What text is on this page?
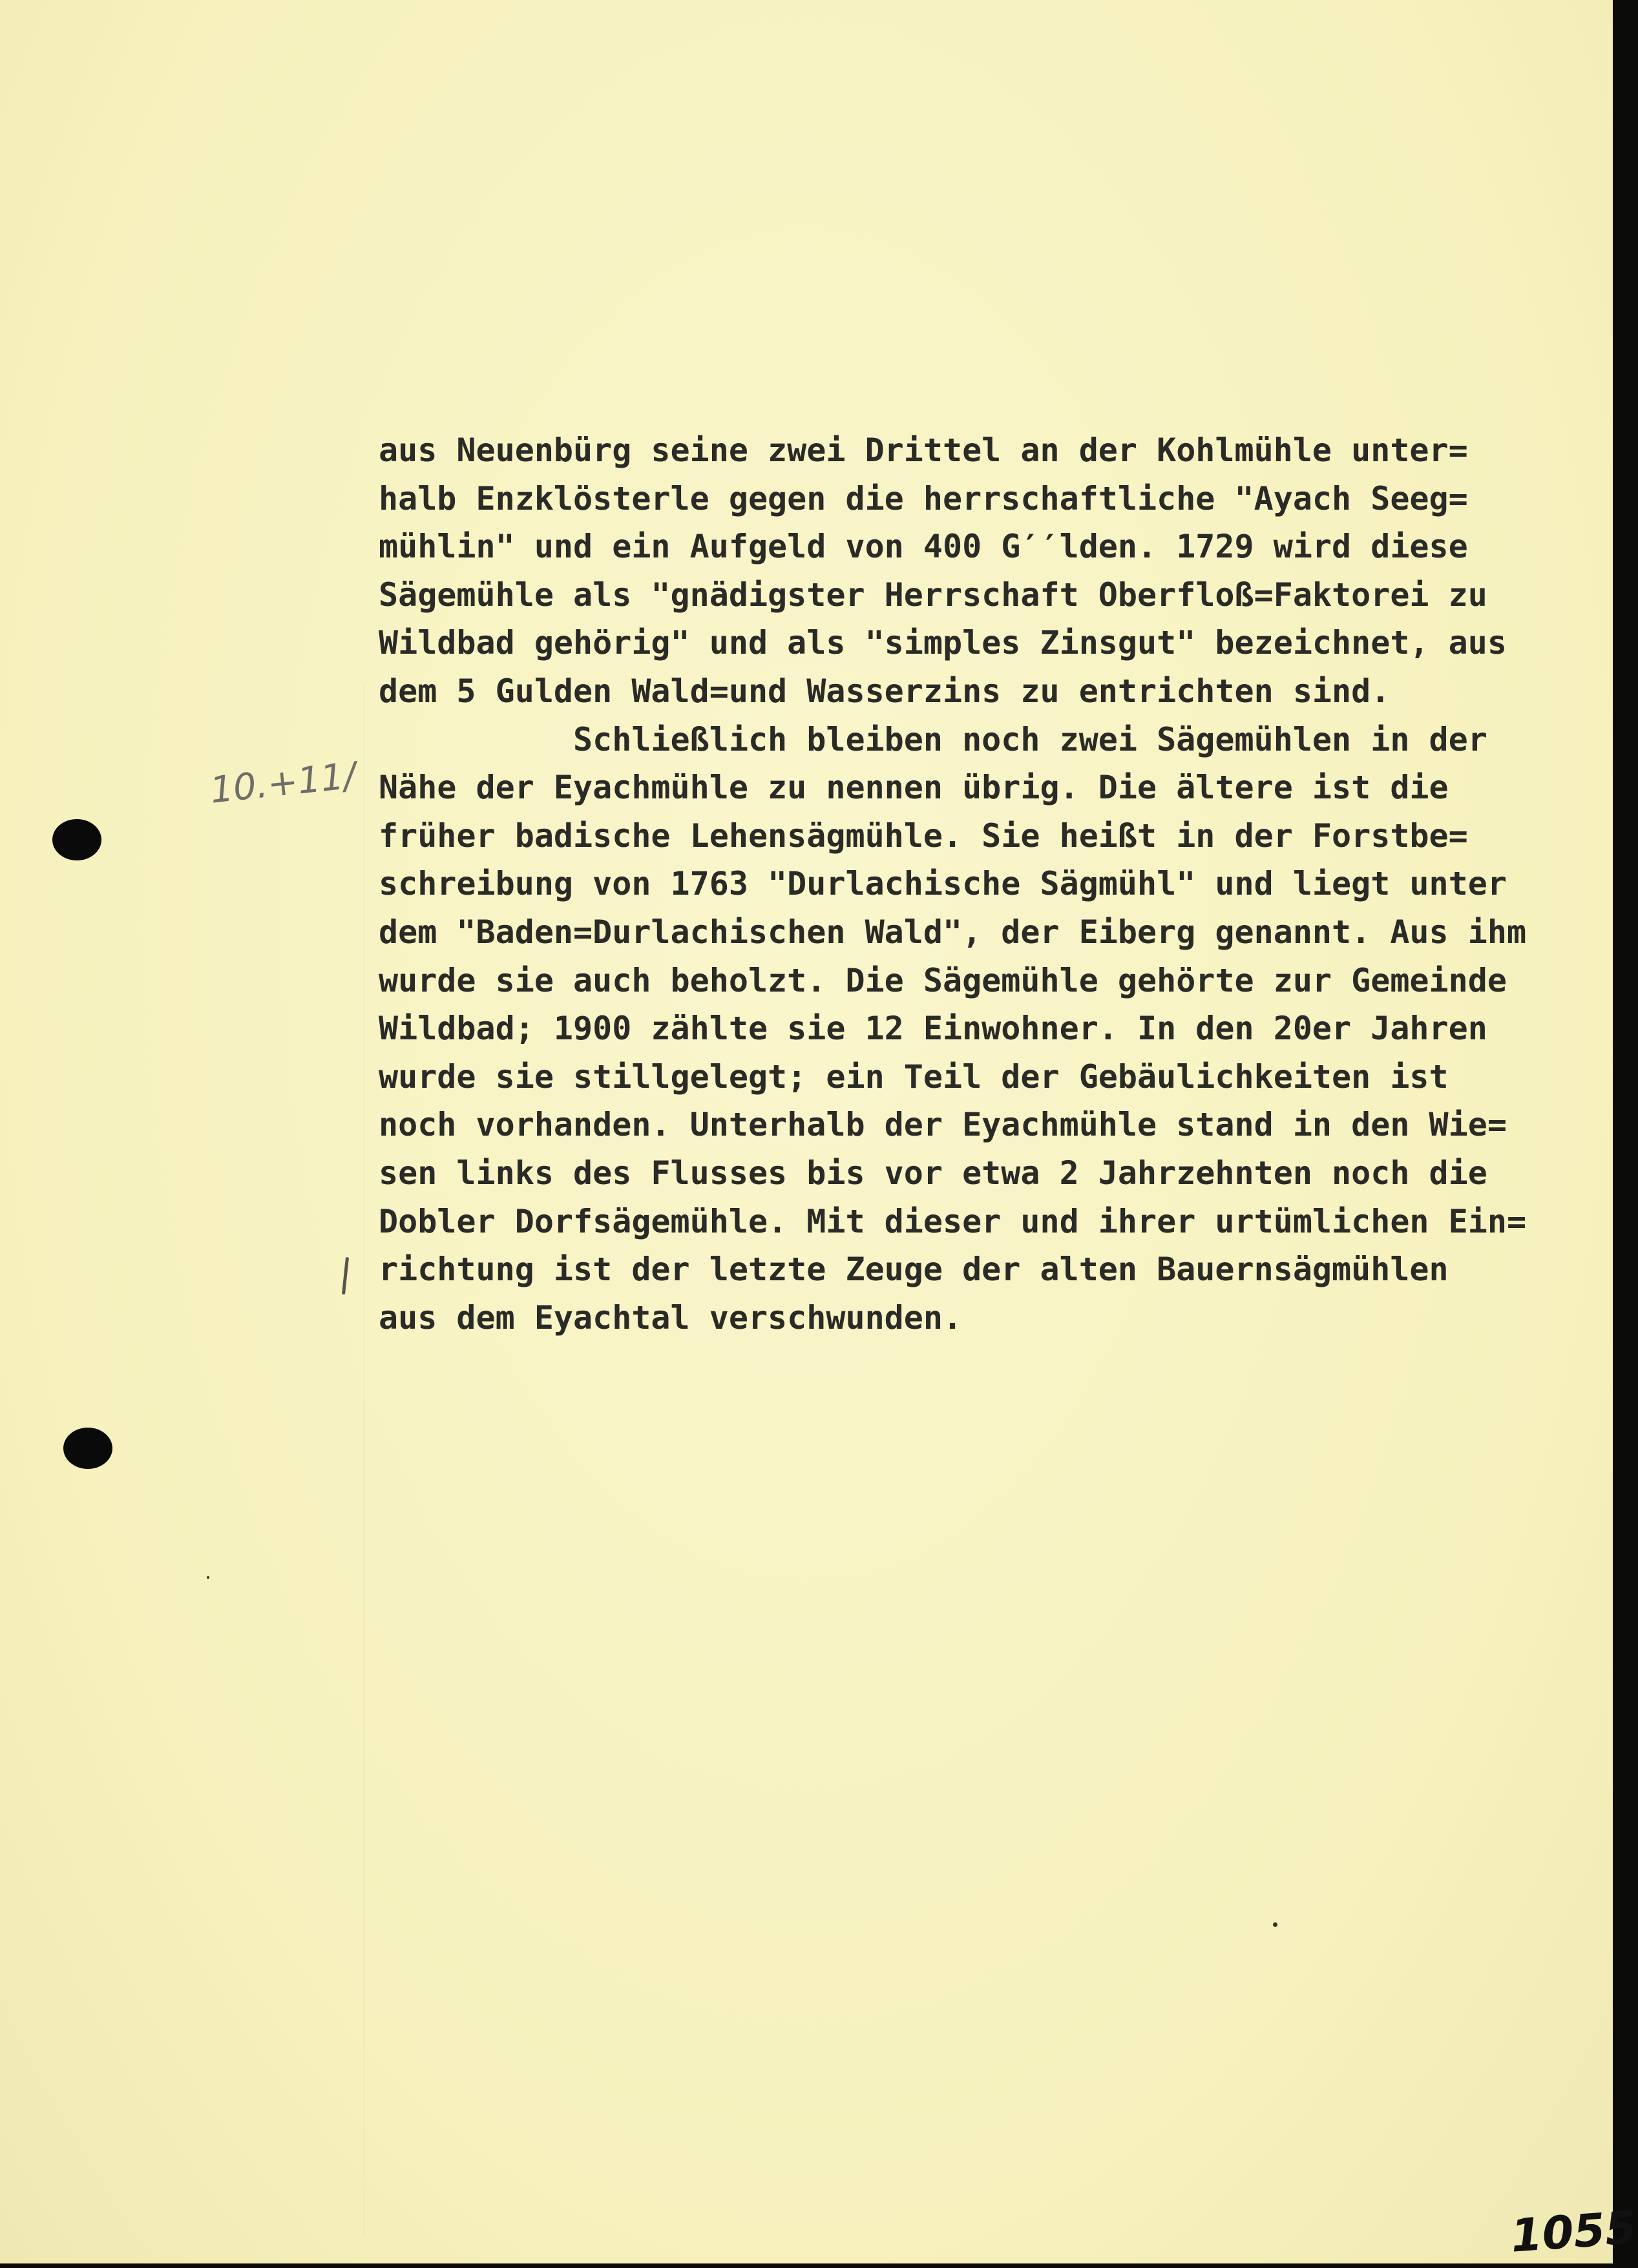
10.+11/
aus Neuenbürg seine zwei Drittel an der Kohlmühle unter=
halb Enzklösterle gegen die herrschaftliche "Ayach Seeg=
mühlin" und ein Aufgeld von 400 G′′lden. 1729 wird diese
Sägemühle als "gnädigster Herrschaft Oberfloß=Faktorei zu
Wildbad gehörig" und als "simples Zinsgut" bezeichnet, aus
dem 5 Gulden Wald=und Wasserzins zu entrichten sind.
Schließlich bleiben noch zwei Sägemühlen in der
Nähe der Eyachmühle zu nennen übrig. Die ältere ist die
früher badische Lehensägmühle. Sie heißt in der Forstbe=
schreibung von 1763 "Durlachische Sägmühl" und liegt unter
dem "Baden=Durlachischen Wald", der Eiberg genannt. Aus ihm
wurde sie auch beholzt. Die Sägemühle gehörte zur Gemeinde
Wildbad; 1900 zählte sie 12 Einwohner. In den 20er Jahren
wurde sie stillgelegt; ein Teil der Gebäulichkeiten ist
noch vorhanden. Unterhalb der Eyachmühle stand in den Wie=
sen links des Flusses bis vor etwa 2 Jahrzehnten noch die
Dobler Dorfsägemühle. Mit dieser und ihrer urtümlichen Ein=
richtung ist der letzte Zeuge der alten Bauernsägmühlen
aus dem Eyachtal verschwunden.
1055
